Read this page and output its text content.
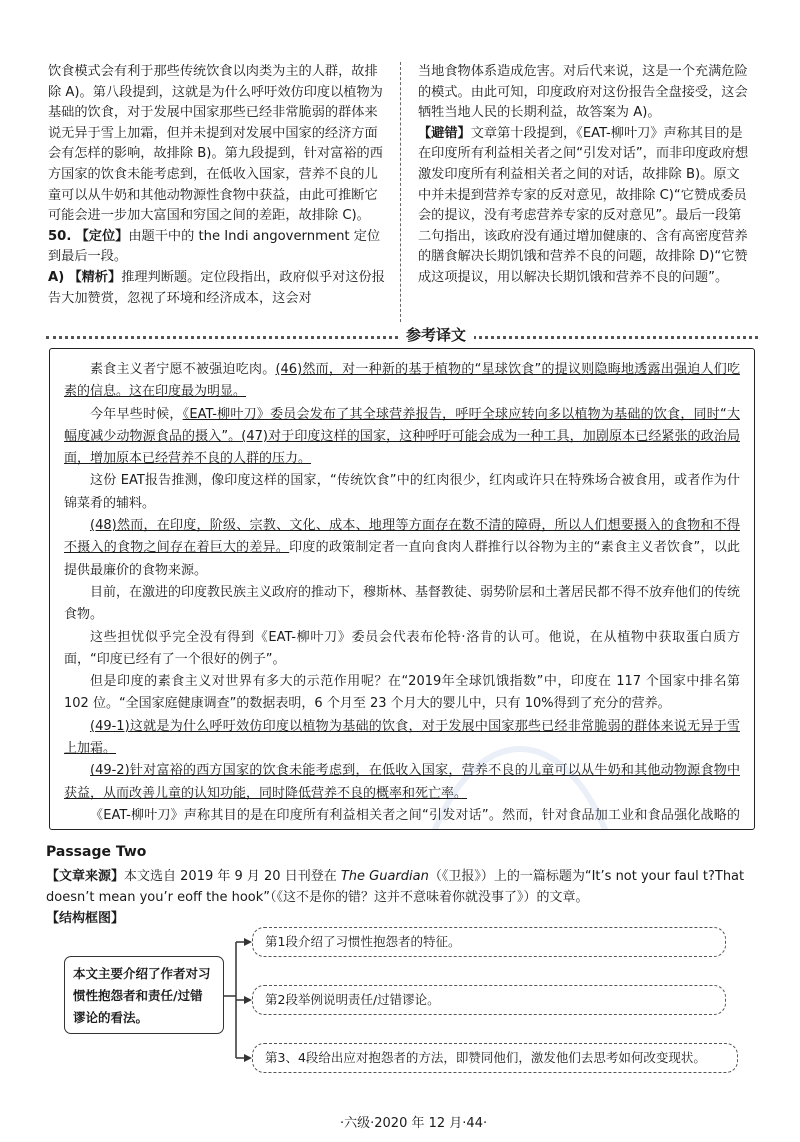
饮食模式会有利于那些传统饮食以肉类为主的人群，故排除 A)。第八段提到，这就是为什么呼吁效仿印度以植物为基础的饮食，对于发展中国家那些已经非常脆弱的群体来说无异于雪上加霜，但并未提到对发展中国家的经济方面会有怎样的影响，故排除 B)。第九段提到，针对富裕的西方国家的饮食未能考虑到，在低收入国家，营养不良的儿童可以从牛奶和其他动物源性食物中获益，由此可推断它可能会进一步加大富国和穷国之间的差距，故排除 C)。

50. 【定位】由题干中的 the Indi angovernment 定位到最后一段。

A) 【精析】推理判断题。定位段指出，政府似乎对这份报告大加赞赏，忽视了环境和经济成本，这会对

当地食物体系造成危害。对后代来说，这是一个充满危险的模式。由此可知，印度政府对这份报告全盘接受，这会牺牲当地人民的长期利益，故答案为 A)。

【避错】文章第十段提到，《EAT-柳叶刀》声称其目的是在印度所有利益相关者之间“引发对话”，而非印度政府想激发印度所有利益相关者之间的对话，故排除 B)。原文中并未提到营养专家的反对意见，故排除 C)“它赞成委员会的提议，没有考虑营养专家的反对意见”。最后一段第二句指出，该政府没有通过增加健康的、含有高密度营养的膳食解决长期饥饿和营养不良的问题，故排除 D)“它赞成这项提议，用以解决长期饥饿和营养不良的问题”。

参考译文

素食主义者宁愿不被强迫吃肉。(46)然而，对一种新的基于植物的“星球饮食”的提议则隐晦地透露出强迫人们吃素的信息。这在印度最为明显。

今年早些时候，《EAT-柳叶刀》委员会发布了其全球营养报告，呼吁全球应转向多以植物为基础的饮食，同时“大幅度减少动物源食品的摄入”。(47)对于印度这样的国家，这种呼吁可能会成为一种工具，加剧原本已经紧张的政治局面，增加原本已经营养不良的人群的压力。

这份 EAT报告推测，像印度这样的国家，“传统饮食”中的红肉很少，红肉或许只在特殊场合被食用，或者作为什锦菜肴的辅料。

(48)然而，在印度，阶级、宗教、文化、成本、地理等方面存在数不清的障碍，所以人们想要摄入的食物和不得不摄入的食物之间存在着巨大的差异。印度的政策制定者一直向食肉人群推行以谷物为主的“素食主义者饮食”，以此提供最廉价的食物来源。

目前，在激进的印度教民族主义政府的推动下，穆斯林、基督教徒、弱势阶层和土著居民都不得不放弃他们的传统食物。

这些担忧似乎完全没有得到《EAT-柳叶刀》委员会代表布伦特·洛肯的认可。他说，在从植物中获取蛋白质方面，“印度已经有了一个很好的例子”。

但是印度的素食主义对世界有多大的示范作用呢？在“2019年全球饥饿指数”中，印度在 117 个国家中排名第 102 位。“全国家庭健康调查”的数据表明，6 个月至 23 个月大的婴儿中，只有 10%得到了充分的营养。

(49-1)这就是为什么呼吁效仿印度以植物为基础的饮食，对于发展中国家那些已经非常脆弱的群体来说无异于雪上加霜。

(49-2)针对富裕的西方国家的饮食未能考虑到，在低收入国家，营养不良的儿童可以从牛奶和其他动物源食物中获益，从而改善儿童的认知功能，同时降低营养不良的概率和死亡率。

《EAT-柳叶刀》声称其目的是在印度所有利益相关者之间“引发对话”。然而，针对食品加工业和食品强化战略的

Passage Two

【文章来源】本文选自 2019 年 9 月 20 日刊登在 The Guardian（《卫报》）上的一篇标题为“It’s not your faul t?That doesn’t mean you’r eoff the hook”（《这不是你的错？这并不意味着你就没事了》）的文章。

【结构框图】

本文主要介绍了作者对习惯性抱怨者和责任/过错谬论的看法。
第1段介绍了习惯性抱怨者的特征。
第2段举例说明责任/过错谬论。
第3、4段给出应对抱怨者的方法，即赞同他们，激发他们去思考如何改变现状。
·六级·2020 年 12 月·44·
